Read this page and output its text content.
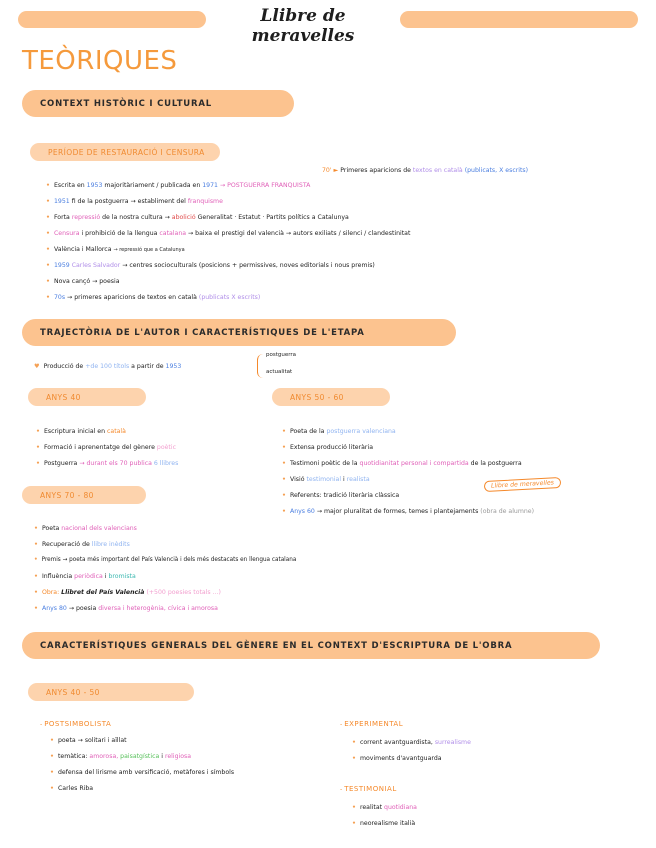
Llibre de meravelles
TEÒRIQUES
CONTEXT HISTÒRIC I CULTURAL
PERÍODE DE RESTAURACIÓ I CENSURA
70' ► Primeres aparicions de textos en català (publicats, X escrits)
• Escrita en 1953 majoritàriament / publicada en 1971 → POSTGUERRA FRANQUISTA
• 1951 fi de la postguerra → establiment del franquisme
• Forta repressió de la nostra cultura → abolició Generalitat · Estatut · Partits polítics a Catalunya
• Censura i prohibició de la llengua catalana → baixa el prestigi del valencià → autors exiliats / silenci / clandestinitat
• València i Mallorca → repressió que a Catalunya
• 1959 Carles Salvador → centres socioculturals (posicions + permissives, noves editorials i nous premis)
• Nova cançó → poesia
• 70s → primeres aparicions de textos en català (publicats X escrits)
TRAJECTÒRIA DE L'AUTOR I CARACTERÍSTIQUES DE L'ETAPA
♥ Producció de +de 100 títols a partir de 1953
postguerra
actualitat
ANYS 40
• Escriptura inicial en català
• Formació i aprenentatge del gènere poètic
• Postguerra → durant els 70 publica 6 llibres
ANYS 50 - 60
• Poeta de la postguerra valenciana
• Extensa producció literària
• Testimoni poètic de la quotidianitat personal i compartida de la postguerra
• Visió testimonial i realista
• Referents: tradició literària clàssica
• Anys 60 → major pluralitat de formes, temes i plantejaments (obra de alumne)
Llibre de meravelles
ANYS 70 - 80
• Poeta nacional dels valencians
• Recuperació de llibre inèdits
• Premis → poeta més important del País Valencià i dels més destacats en llengua catalana
• Influència periòdica i bromista
• Obra: Llibret del País Valencià (+500 poesies totals ...)
• Anys 80 → poesia diversa i heterogènia, cívica i amorosa
CARACTERÍSTIQUES GENERALS DEL GÈNERE EN EL CONTEXT D'ESCRIPTURA DE L'OBRA
ANYS 40 - 50
- POSTSIMBOLISTA
• poeta → solitari i aïllat
• temàtica: amorosa, paisatgística i religiosa
• defensa del lirisme amb versificació, metàfores i símbols
• Carles Riba
- EXPERIMENTAL
• corrent avantguardista, surrealisme
• moviments d'avantguarda
- TESTIMONIAL
• realitat quotidiana
• neorealisme italià
